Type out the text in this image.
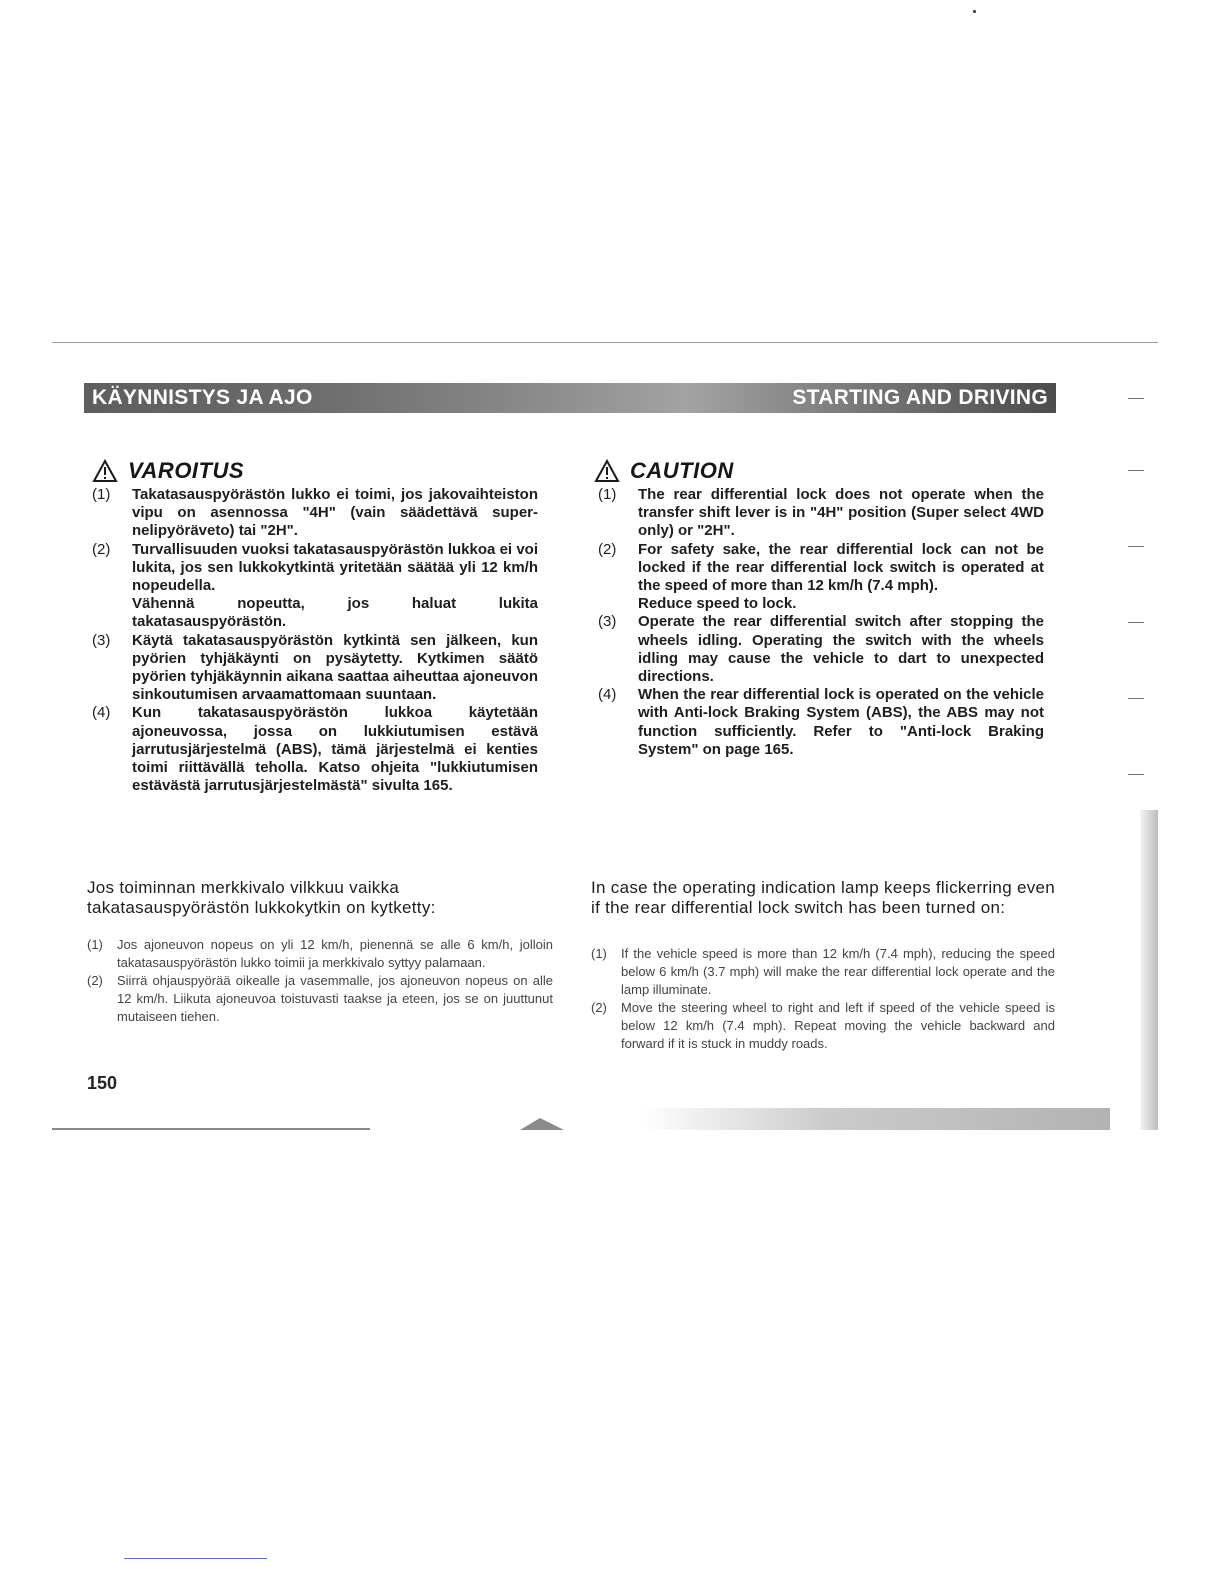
KÄYNNISTYS JA AJO	STARTING AND DRIVING
VAROITUS
(1)	Takatasauspyörästön lukko ei toimi, jos jakovaihteiston vipu on asennossa "4H" (vain säädettävä super-nelipyöräveto) tai "2H".
(2)	Turvallisuuden vuoksi takatasauspyörästön lukkoa ei voi lukita, jos sen lukkokytkintä yritetään säätää yli 12 km/h nopeudella.
Vähennä nopeutta, jos haluat lukita takatasauspyörästön.
(3)	Käytä takatasauspyörästön kytkintä sen jälkeen, kun pyörien tyhjäkäynti on pysäytetty. Kytkimen säätö pyörien tyhjäkäynnin aikana saattaa aiheuttaa ajoneuvon sinkoutumisen arvaamattomaan suuntaan.
(4)	Kun takatasauspyörästön lukkoa käytetään ajoneuvossa, jossa on lukkiutumisen estävä jarrutusjärjestelmä (ABS), tämä järjestelmä ei kenties toimi riittävällä teholla. Katso ohjeita "lukkiutumisen estävästä jarrutusjärjestelmästä" sivulta 165.
CAUTION
(1)	The rear differential lock does not operate when the transfer shift lever is in "4H" position (Super select 4WD only) or "2H".
(2)	For safety sake, the rear differential lock can not be locked if the rear differential lock switch is operated at the speed of more than 12 km/h (7.4 mph).
Reduce speed to lock.
(3)	Operate the rear differential switch after stopping the wheels idling. Operating the switch with the wheels idling may cause the vehicle to dart to unexpected directions.
(4)	When the rear differential lock is operated on the vehicle with Anti-lock Braking System (ABS), the ABS may not function sufficiently. Refer to "Anti-lock Braking System" on page 165.
Jos toiminnan merkkivalo vilkkuu vaikka takatasauspyörästön lukkokytkin on kytketty:
(1)	Jos ajoneuvon nopeus on yli 12 km/h, pienennä se alle 6 km/h, jolloin takatasauspyörästön lukko toimii ja merkkivalo syttyy palamaan.
(2)	Siirrä ohjauspyörää oikealle ja vasemmalle, jos ajoneuvon nopeus on alle 12 km/h. Liikuta ajoneuvoa toistuvasti taakse ja eteen, jos se on juuttunut mutaiseen tiehen.
In case the operating indication lamp keeps flickerring even if the rear differential lock switch has been turned on:
(1)	If the vehicle speed is more than 12 km/h (7.4 mph), reducing the speed below 6 km/h (3.7 mph) will make the rear differential lock operate and the lamp illuminate.
(2)	Move the steering wheel to right and left if speed of the vehicle speed is below 12 km/h (7.4 mph). Repeat moving the vehicle backward and forward if it is stuck in muddy roads.
150
